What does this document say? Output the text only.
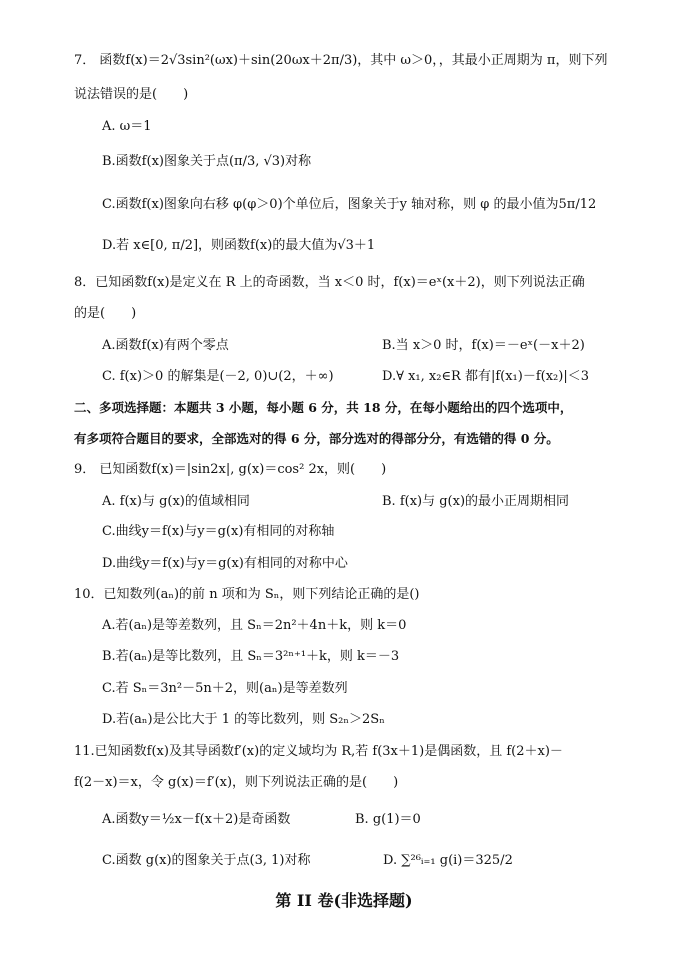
7． 函数f(x)＝2√3sin²(ωx)＋sin(20ωx＋2π/3)，其中 ω＞0，，其最小正周期为 π，则下列
说法错误的是(　　)
A. ω＝1
B.函数f(x)图象关于点(π/3, √3)对称
C.函数f(x)图象向右移 φ(φ＞0)个单位后，图象关于y 轴对称，则 φ 的最小值为5π/12
D.若 x∈[0, π/2]，则函数f(x)的最大值为√3＋1
8．已知函数f(x)是定义在 R 上的奇函数，当 x＜0 时，f(x)＝eˣ(x＋2)，则下列说法正确
的是(　　)
A.函数f(x)有两个零点	B.当 x＞0 时，f(x)＝－eˣ(－x＋2)
C. f(x)＞0 的解集是(－2, 0)∪(2，＋∞)	D.∀ x₁, x₂∈R 都有|f(x₁)－f(x₂)|＜3
二、多项选择题：本题共 3 小题，每小题 6 分，共 18 分，在每小题给出的四个选项中，
有多项符合题目的要求，全部选对的得 6 分，部分选对的得部分分，有选错的得 0 分。
9． 已知函数f(x)＝|sin2x|, g(x)＝cos² 2x，则(　　)
A. f(x)与 g(x)的值域相同	B. f(x)与 g(x)的最小正周期相同
C.曲线y＝f(x)与y＝g(x)有相同的对称轴
D.曲线y＝f(x)与y＝g(x)有相同的对称中心
10．已知数列(aₙ)的前 n 项和为 Sₙ，则下列结论正确的是()
A.若(aₙ)是等差数列，且 Sₙ＝2n²＋4n＋k，则 k＝0
B.若(aₙ)是等比数列，且 Sₙ＝3²ⁿ⁺¹＋k，则 k＝－3
C.若 Sₙ＝3n²－5n＋2，则(aₙ)是等差数列
D.若(aₙ)是公比大于 1 的等比数列，则 S₂ₙ＞2Sₙ
11.已知函数f(x)及其导函数f′(x)的定义域均为 R,若 f(3x＋1)是偶函数，且 f(2＋x)－
f(2－x)＝x，令 g(x)＝f′(x)，则下列说法正确的是(　　)
A.函数y＝½x－f(x＋2)是奇函数	B. g(1)＝0
C.函数 g(x)的图象关于点(3, 1)对称	D. ∑²⁶ᵢ₌₁ g(i)＝325/2
第 II 卷(非选择题)
